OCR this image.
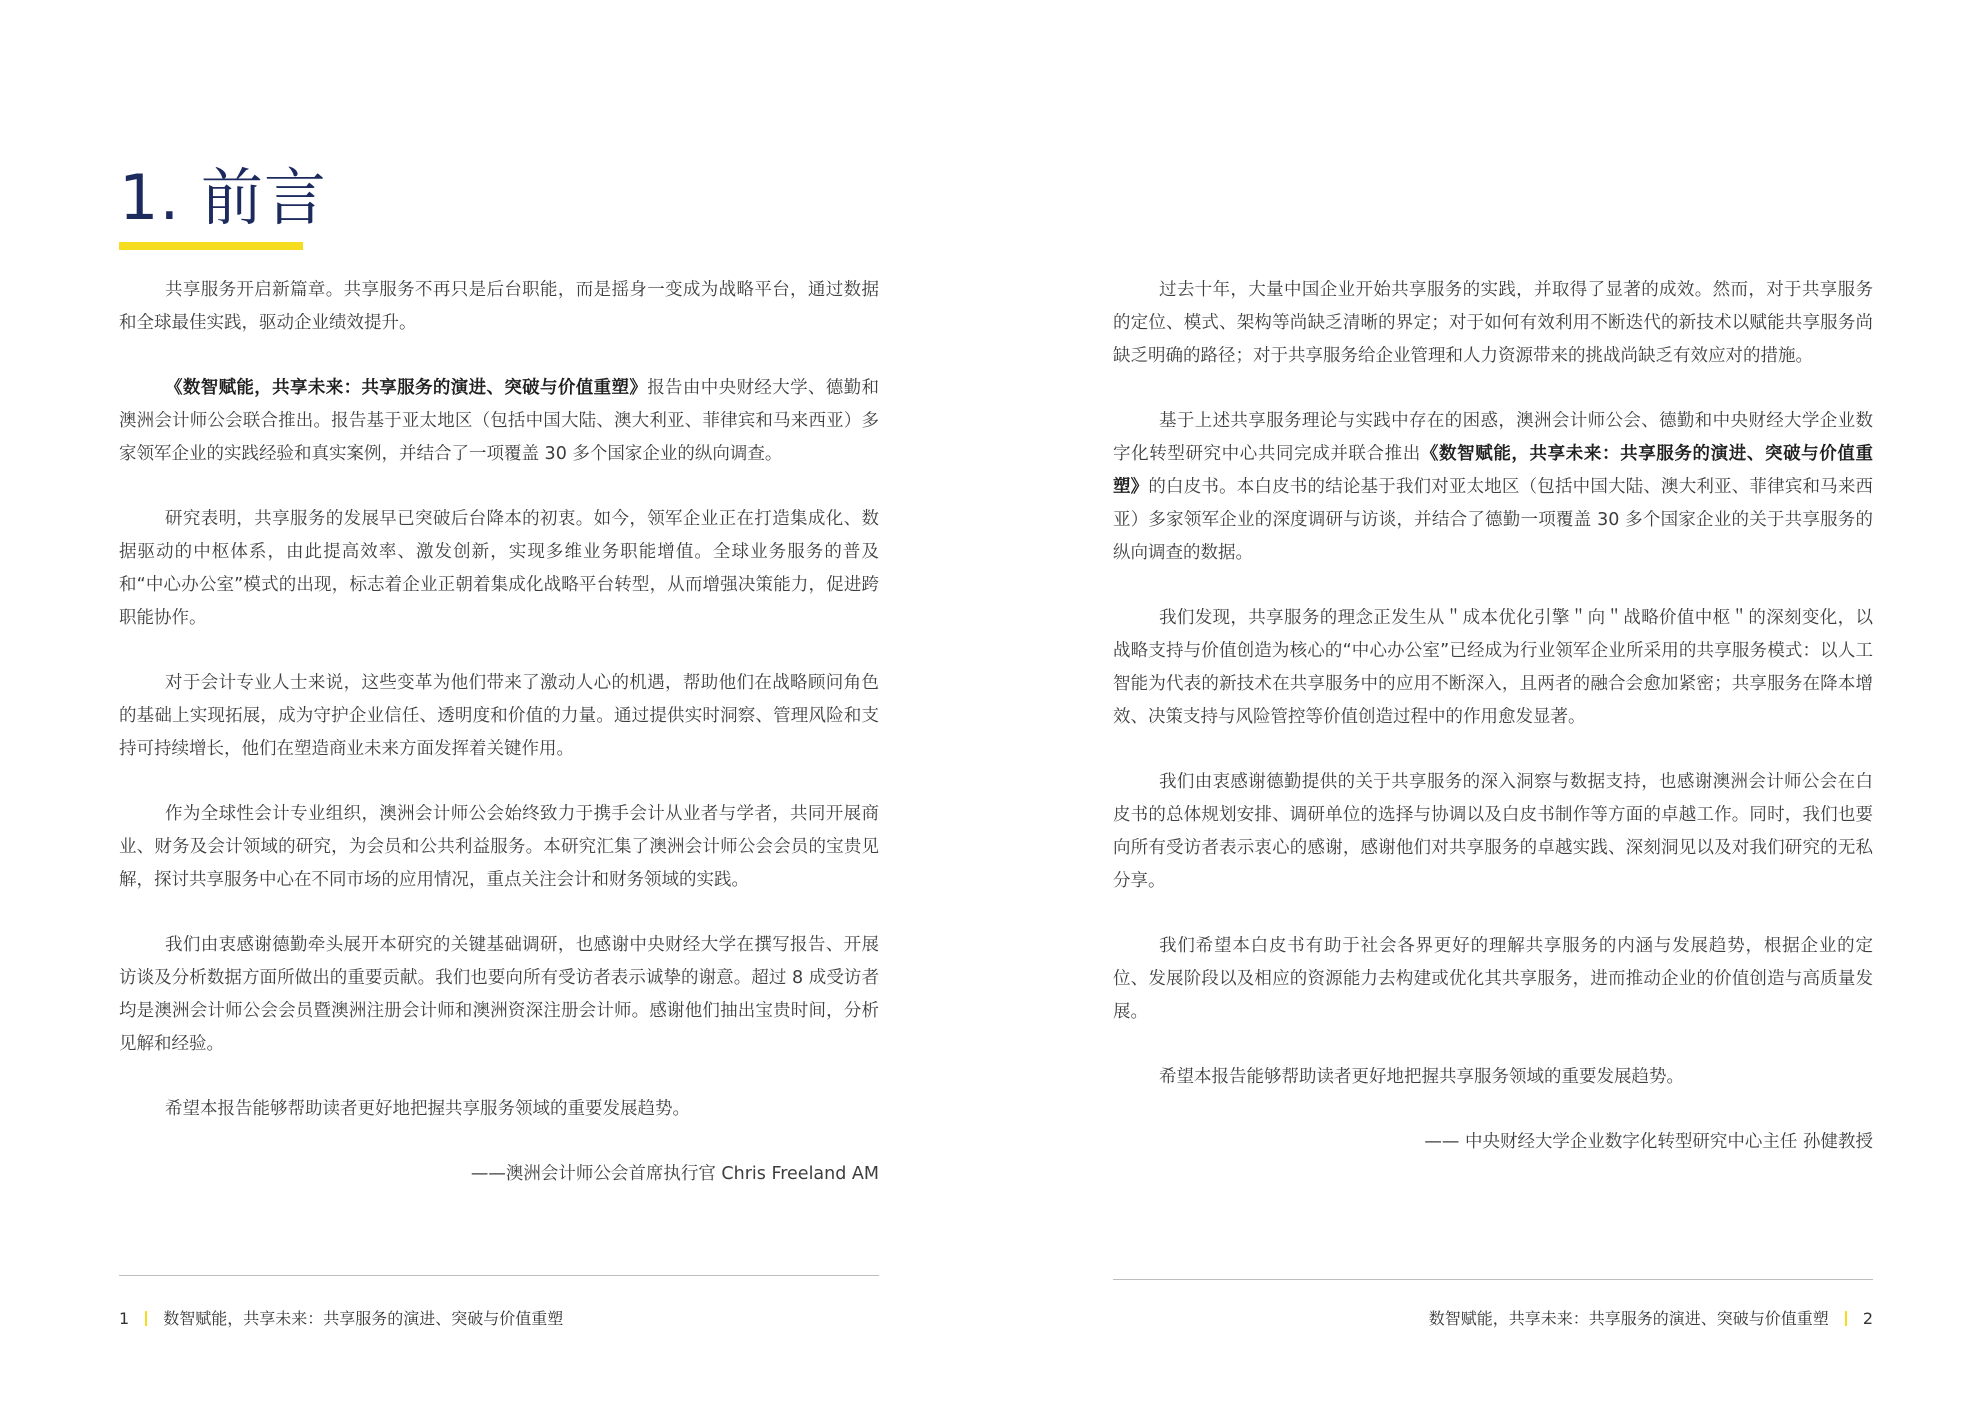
1. 前言

共享服务开启新篇章。共享服务不再只是后台职能，而是摇身一变成为战略平台，通过数据和全球最佳实践，驱动企业绩效提升。

《数智赋能，共享未来：共享服务的演进、突破与价值重塑》报告由中央财经大学、德勤和澳洲会计师公会联合推出。报告基于亚太地区（包括中国大陆、澳大利亚、菲律宾和马来西亚）多家领军企业的实践经验和真实案例，并结合了一项覆盖 30 多个国家企业的纵向调查。

研究表明，共享服务的发展早已突破后台降本的初衷。如今，领军企业正在打造集成化、数据驱动的中枢体系，由此提高效率、激发创新，实现多维业务职能增值。全球业务服务的普及和“中心办公室”模式的出现，标志着企业正朝着集成化战略平台转型，从而增强决策能力，促进跨职能协作。

对于会计专业人士来说，这些变革为他们带来了激动人心的机遇，帮助他们在战略顾问角色的基础上实现拓展，成为守护企业信任、透明度和价值的力量。通过提供实时洞察、管理风险和支持可持续增长，他们在塑造商业未来方面发挥着关键作用。

作为全球性会计专业组织，澳洲会计师公会始终致力于携手会计从业者与学者，共同开展商业、财务及会计领域的研究，为会员和公共利益服务。本研究汇集了澳洲会计师公会会员的宝贵见解，探讨共享服务中心在不同市场的应用情况，重点关注会计和财务领域的实践。

我们由衷感谢德勤牵头展开本研究的关键基础调研，也感谢中央财经大学在撰写报告、开展访谈及分析数据方面所做出的重要贡献。我们也要向所有受访者表示诚挚的谢意。超过 8 成受访者均是澳洲会计师公会会员暨澳洲注册会计师和澳洲资深注册会计师。感谢他们抽出宝贵时间，分析见解和经验。

希望本报告能够帮助读者更好地把握共享服务领域的重要发展趋势。

——澳洲会计师公会首席执行官 Chris Freeland AM

1 数智赋能，共享未来：共享服务的演进、突破与价值重塑

过去十年，大量中国企业开始共享服务的实践，并取得了显著的成效。然而，对于共享服务的定位、模式、架构等尚缺乏清晰的界定；对于如何有效利用不断迭代的新技术以赋能共享服务尚缺乏明确的路径；对于共享服务给企业管理和人力资源带来的挑战尚缺乏有效应对的措施。

基于上述共享服务理论与实践中存在的困惑，澳洲会计师公会、德勤和中央财经大学企业数字化转型研究中心共同完成并联合推出《数智赋能，共享未来：共享服务的演进、突破与价值重塑》的白皮书。本白皮书的结论基于我们对亚太地区（包括中国大陆、澳大利亚、菲律宾和马来西亚）多家领军企业的深度调研与访谈，并结合了德勤一项覆盖 30 多个国家企业的关于共享服务的纵向调查的数据。

我们发现，共享服务的理念正发生从＂成本优化引擎＂向＂战略价值中枢＂的深刻变化，以战略支持与价值创造为核心的“中心办公室”已经成为行业领军企业所采用的共享服务模式：以人工智能为代表的新技术在共享服务中的应用不断深入，且两者的融合会愈加紧密；共享服务在降本增效、决策支持与风险管控等价值创造过程中的作用愈发显著。

我们由衷感谢德勤提供的关于共享服务的深入洞察与数据支持，也感谢澳洲会计师公会在白皮书的总体规划安排、调研单位的选择与协调以及白皮书制作等方面的卓越工作。同时，我们也要向所有受访者表示衷心的感谢，感谢他们对共享服务的卓越实践、深刻洞见以及对我们研究的无私分享。

我们希望本白皮书有助于社会各界更好的理解共享服务的内涵与发展趋势，根据企业的定位、发展阶段以及相应的资源能力去构建或优化其共享服务，进而推动企业的价值创造与高质量发展。

希望本报告能够帮助读者更好地把握共享服务领域的重要发展趋势。

—— 中央财经大学企业数字化转型研究中心主任 孙健教授

数智赋能，共享未来：共享服务的演进、突破与价值重塑 2
